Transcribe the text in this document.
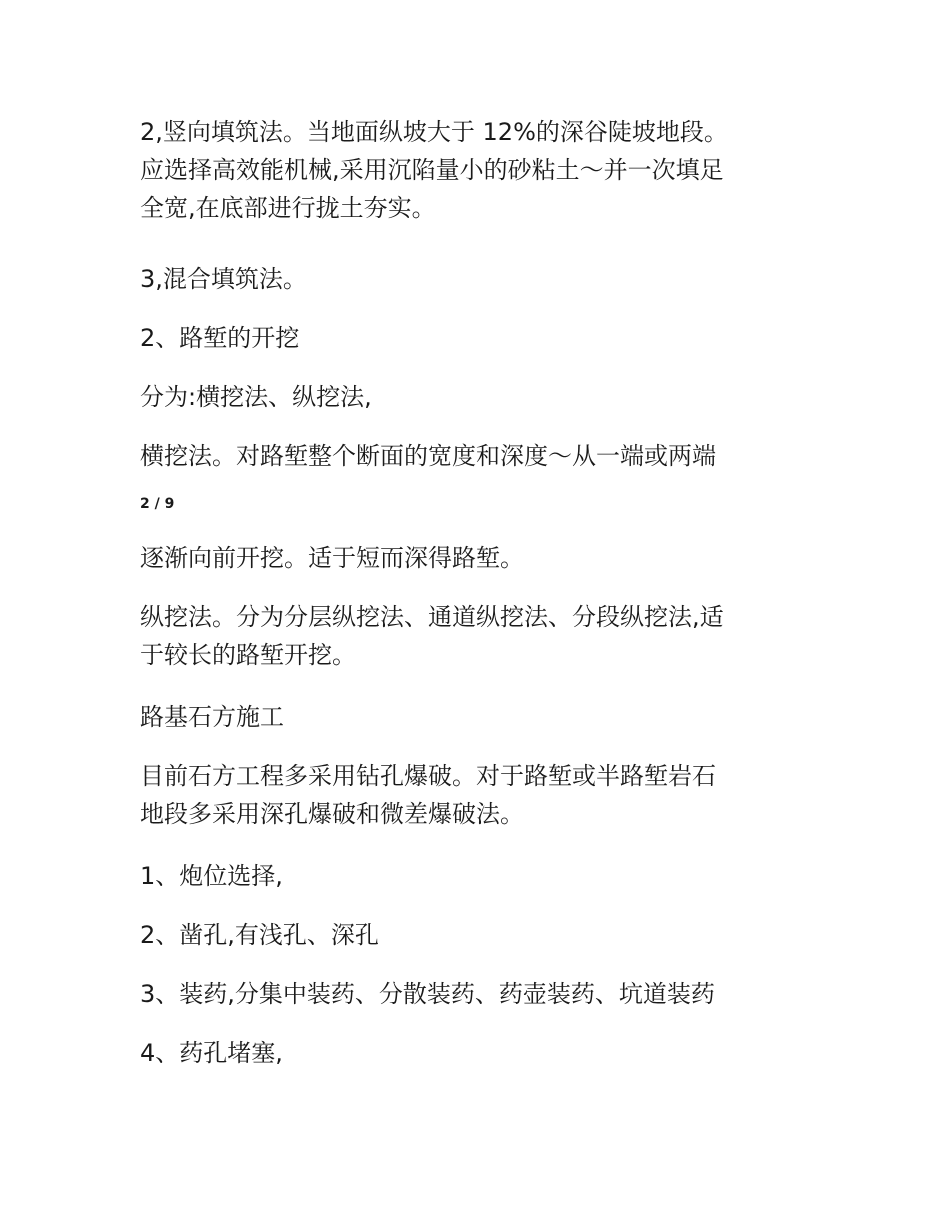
2,竖向填筑法。当地面纵坡大于 12%的深谷陡坡地段。
应选择高效能机械,采用沉陷量小的砂粘土～并一次填足
全宽,在底部进行拢土夯实。

3,混合填筑法。

2、路堑的开挖

分为:横挖法、纵挖法,

横挖法。对路堑整个断面的宽度和深度～从一端或两端

2 / 9

逐渐向前开挖。适于短而深得路堑。

纵挖法。分为分层纵挖法、通道纵挖法、分段纵挖法,适
于较长的路堑开挖。

路基石方施工

目前石方工程多采用钻孔爆破。对于路堑或半路堑岩石
地段多采用深孔爆破和微差爆破法。

1、炮位选择,

2、凿孔,有浅孔、深孔

3、装药,分集中装药、分散装药、药壶装药、坑道装药

4、药孔堵塞,
